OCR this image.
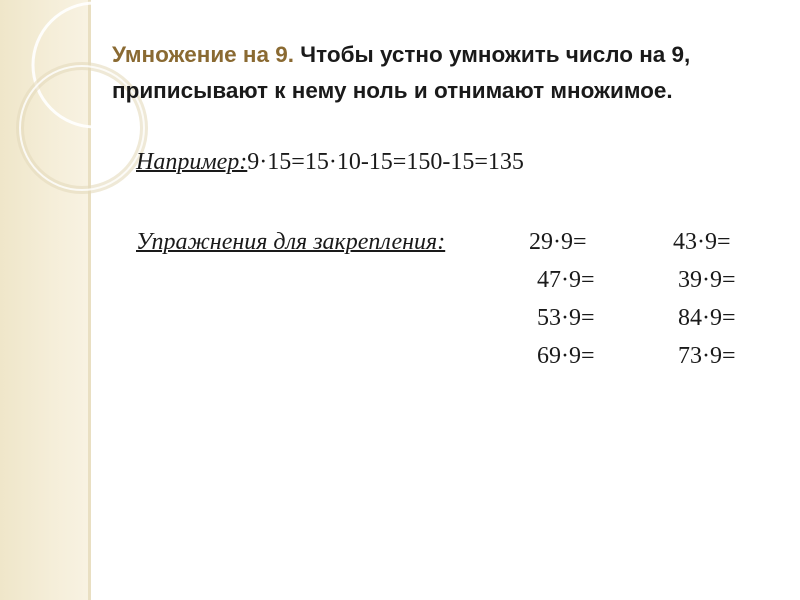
Умножение на 9. Чтобы устно умножить число на 9, приписывают к нему ноль и отнимают множимое.

Например:9·15=15·10-15=150-15=135
Упражнения для закрепления:	29·9=	43·9=
47·9=	39·9=
53·9=	84·9=
69·9=	73·9=
